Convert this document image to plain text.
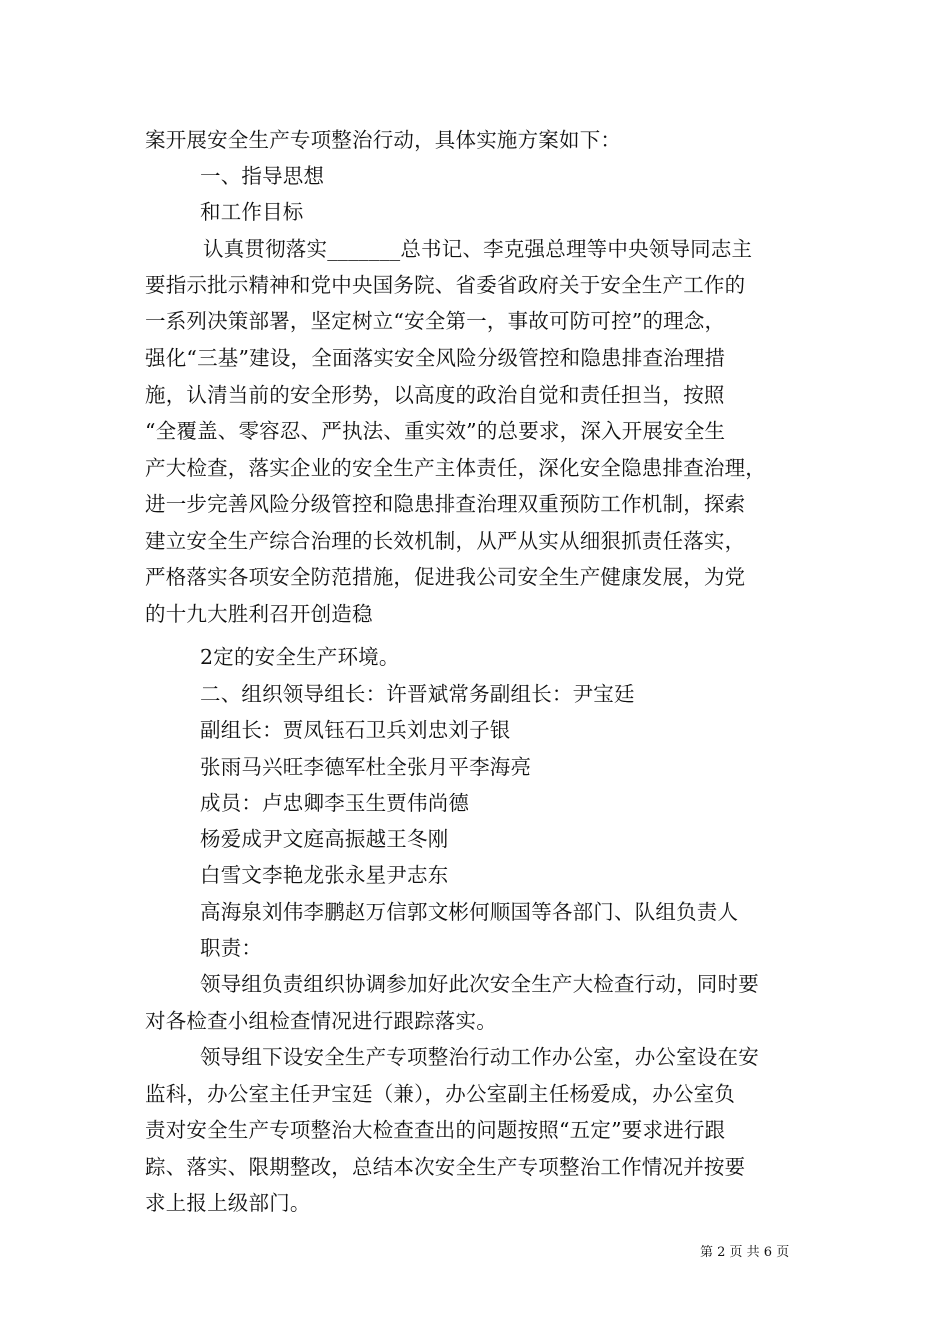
案开展安全生产专项整治行动，具体实施方案如下：
一、指导思想
和工作目标
认真贯彻落实_______总书记、李克强总理等中央领导同志主
要指示批示精神和党中央国务院、省委省政府关于安全生产工作的
一系列决策部署，坚定树立“安全第一，事故可防可控”的理念，
强化“三基”建设，全面落实安全风险分级管控和隐患排查治理措
施，认清当前的安全形势，以高度的政治自觉和责任担当，按照
“全覆盖、零容忍、严执法、重实效”的总要求，深入开展安全生
产大检查，落实企业的安全生产主体责任，深化安全隐患排查治理，
进一步完善风险分级管控和隐患排查治理双重预防工作机制，探索
建立安全生产综合治理的长效机制，从严从实从细狠抓责任落实，
严格落实各项安全防范措施，促进我公司安全生产健康发展，为党
的十九大胜利召开创造稳
2定的安全生产环境。
二、组织领导组长：许晋斌常务副组长：尹宝廷
副组长：贾凤钰石卫兵刘忠刘子银
张雨马兴旺李德军杜全张月平李海亮
成员：卢忠卿李玉生贾伟尚德
杨爱成尹文庭高振越王冬刚
白雪文李艳龙张永星尹志东
高海泉刘伟李鹏赵万信郭文彬何顺国等各部门、队组负责人
职责：
领导组负责组织协调参加好此次安全生产大检查行动，同时要
对各检查小组检查情况进行跟踪落实。
领导组下设安全生产专项整治行动工作办公室，办公室设在安
监科，办公室主任尹宝廷（兼），办公室副主任杨爱成，办公室负
责对安全生产专项整治大检查查出的问题按照“五定”要求进行跟
踪、落实、限期整改，总结本次安全生产专项整治工作情况并按要
求上报上级部门。
第 2 页 共 6 页
